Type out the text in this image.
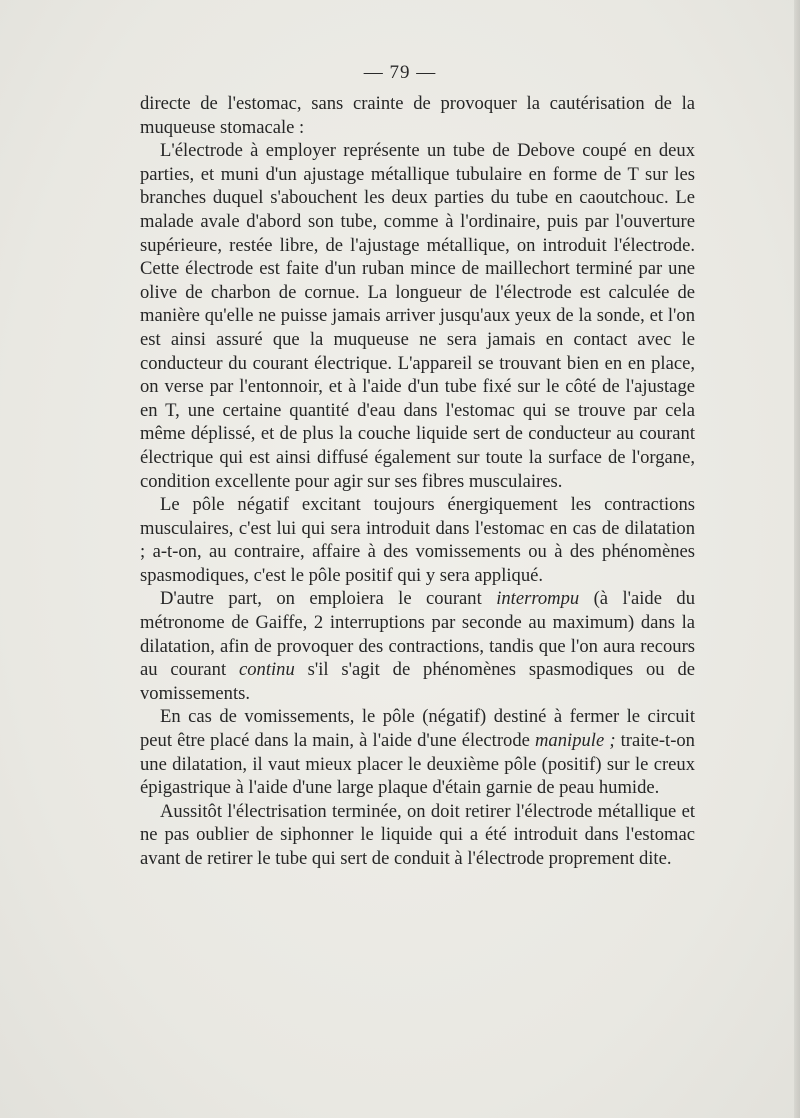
— 79 —

directe de l'estomac, sans crainte de provoquer la cautérisation de la muqueuse stomacale :

L'électrode à employer représente un tube de Debove coupé en deux parties, et muni d'un ajustage métallique tubulaire en forme de T sur les branches duquel s'abouchent les deux parties du tube en caoutchouc. Le malade avale d'abord son tube, comme à l'ordinaire, puis par l'ouverture supérieure, restée libre, de l'ajustage métallique, on introduit l'électrode. Cette électrode est faite d'un ruban mince de maillechort terminé par une olive de charbon de cornue. La longueur de l'électrode est calculée de manière qu'elle ne puisse jamais arriver jusqu'aux yeux de la sonde, et l'on est ainsi assuré que la muqueuse ne sera jamais en contact avec le conducteur du courant électrique. L'appareil se trouvant bien en en place, on verse par l'entonnoir, et à l'aide d'un tube fixé sur le côté de l'ajustage en T, une certaine quantité d'eau dans l'estomac qui se trouve par cela même déplissé, et de plus la couche liquide sert de conducteur au courant électrique qui est ainsi diffusé également sur toute la surface de l'organe, condition excellente pour agir sur ses fibres musculaires.

Le pôle négatif excitant toujours énergiquement les contractions musculaires, c'est lui qui sera introduit dans l'estomac en cas de dilatation ; a-t-on, au contraire, affaire à des vomissements ou à des phénomènes spasmodiques, c'est le pôle positif qui y sera appliqué.

D'autre part, on emploiera le courant interrompu (à l'aide du métronome de Gaiffe, 2 interruptions par seconde au maximum) dans la dilatation, afin de provoquer des contractions, tandis que l'on aura recours au courant continu s'il s'agit de phénomènes spasmodiques ou de vomissements.

En cas de vomissements, le pôle (négatif) destiné à fermer le circuit peut être placé dans la main, à l'aide d'une électrode manipule ; traite-t-on une dilatation, il vaut mieux placer le deuxième pôle (positif) sur le creux épigastrique à l'aide d'une large plaque d'étain garnie de peau humide.

Aussitôt l'électrisation terminée, on doit retirer l'électrode métallique et ne pas oublier de siphonner le liquide qui a été introduit dans l'estomac avant de retirer le tube qui sert de conduit à l'électrode proprement dite.
